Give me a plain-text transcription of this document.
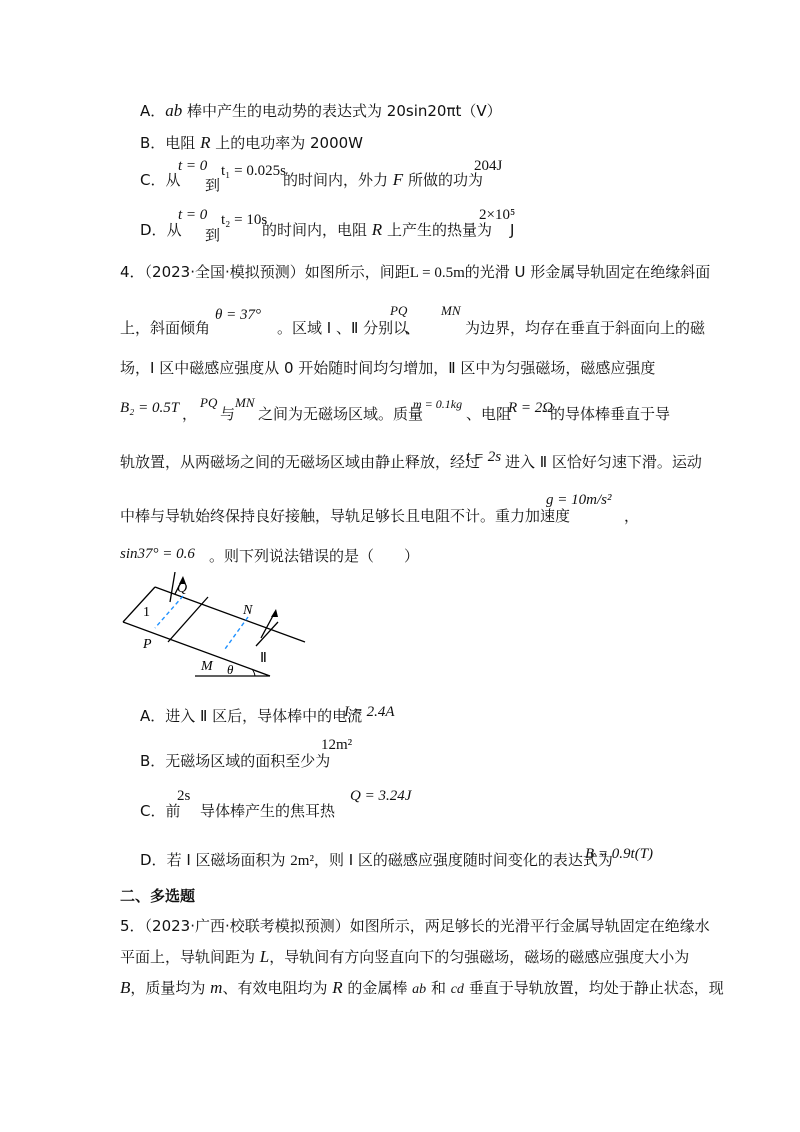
A．ab 棒中产生的电动势的表达式为 20sin20πt（V）
B．电阻 R 上的电功率为 2000W
C．从
t = 0
到
t₁ = 0.025s
的时间内，外力 F 所做的功为
204J
D．从
t = 0
到
t₂ = 10s
的时间内，电阻 R 上产生的热量为
2×10⁵
J
4．（2023·全国·模拟预测）如图所示，间距L = 0.5m的光滑 U 形金属导轨固定在绝缘斜面
上，斜面倾角
θ = 37°
。区域 Ⅰ 、Ⅱ 分别以
PQ
、
MN
为边界，均存在垂直于斜面向上的磁
场，Ⅰ 区中磁感应强度从 0 开始随时间均匀增加，Ⅱ 区中为匀强磁场，磁感应强度
B₂ = 0.5T ，
PQ
与
MN
之间为无磁场区域。质量
m = 0.1kg
、电阻
R = 2Ω
的导体棒垂直于导
轨放置，从两磁场之间的无磁场区域由静止释放，经过
t = 2s 进入 Ⅱ 区恰好匀速下滑。运动
中棒与导轨始终保持良好接触，导轨足够长且电阻不计。重力加速度
g = 10m/s²
，
sin37° = 0.6 。则下列说法错误的是（　　）
1
Q
P
N
M θ
Ⅱ
A．进入 Ⅱ 区后，导体棒中的电流
I = 2.4A
B．无磁场区域的面积至少为
12m²
C．前
2s
导体棒产生的焦耳热
Q = 3.24J
D．若 Ⅰ 区磁场面积为 2m²，则 Ⅰ 区的磁感应强度随时间变化的表达式为
B = 0.9t(T)
二、多选题
5．（2023·广西·校联考模拟预测）如图所示，两足够长的光滑平行金属导轨固定在绝缘水
平面上，导轨间距为 L，导轨间有方向竖直向下的匀强磁场，磁场的磁感应强度大小为
B，质量均为 m、有效电阻均为 R 的金属棒 ab 和 cd 垂直于导轨放置，均处于静止状态，现
